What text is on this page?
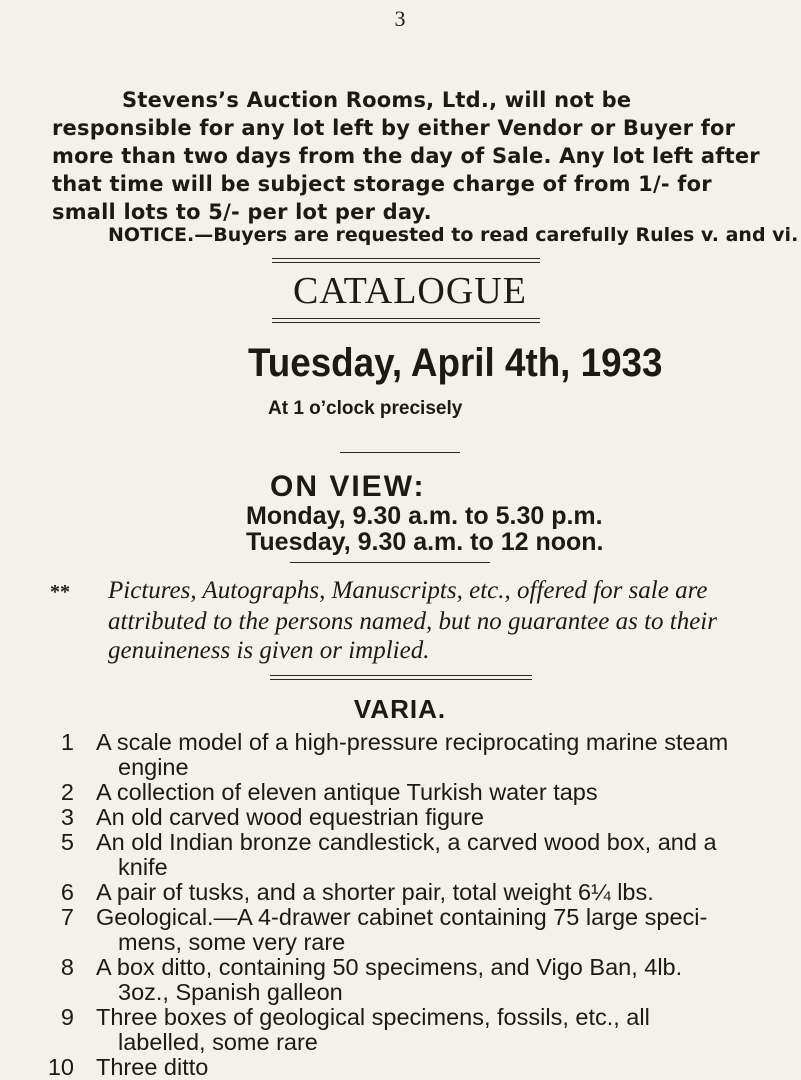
3
Stevens’s Auction Rooms, Ltd., will not be responsible for any lot left by either Vendor or Buyer for more than two days from the day of Sale. Any lot left after that time will be subject storage charge of from 1/- for small lots to 5/- per lot per day.
NOTICE.—Buyers are requested to read carefully Rules v. and vi.
CATALOGUE
Tuesday, April 4th, 1933
At 1 o’clock precisely
ON VIEW:
Monday, 9.30 a.m. to 5.30 p.m.
Tuesday, 9.30 a.m. to 12 noon.
** Pictures, Autographs, Manuscripts, etc., offered for sale are
attributed to the persons named, but no guarantee as to their
genuineness is given or implied.
VARIA.
1 A scale model of a high-pressure reciprocating marine steam
engine
2 A collection of eleven antique Turkish water taps
3 An old carved wood equestrian figure
5 An old Indian bronze candlestick, a carved wood box, and a
knife
6 A pair of tusks, and a shorter pair, total weight 6¼ lbs.
7 Geological.—A 4-drawer cabinet containing 75 large speci-
mens, some very rare
8 A box ditto, containing 50 specimens, and Vigo Ban, 4lb.
3oz., Spanish galleon
9 Three boxes of geological specimens, fossils, etc., all
labelled, some rare
10 Three ditto
